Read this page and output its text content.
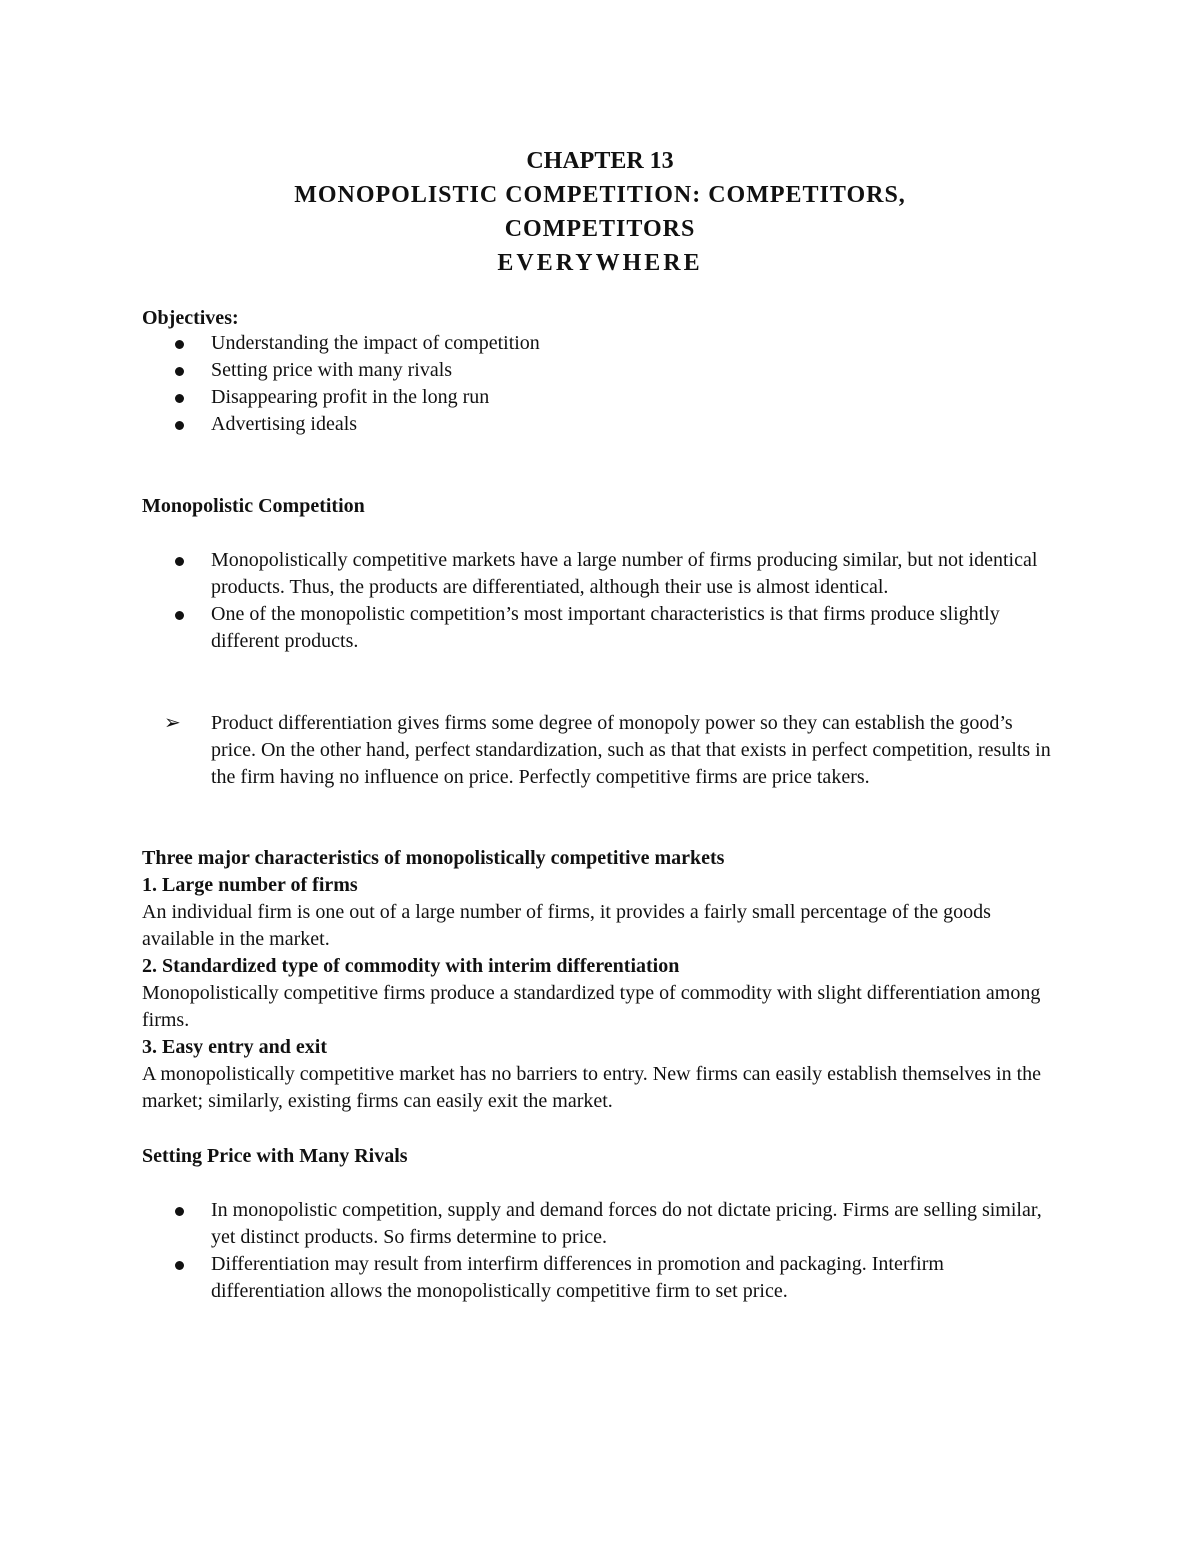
CHAPTER 13
MONOPOLISTIC COMPETITION: COMPETITORS,
COMPETITORS
EVERYWHERE
Objectives:
Understanding the impact of competition
Setting price with many rivals
Disappearing profit in the long run
Advertising ideals
Monopolistic Competition
Monopolistically competitive markets have a large number of firms producing similar, but not identical products. Thus, the products are differentiated, although their use is almost identical.
One of the monopolistic competition’s most important characteristics is that firms produce slightly different products.
➢ Product differentiation gives firms some degree of monopoly power so they can establish the good’s price. On the other hand, perfect standardization, such as that that exists in perfect competition, results in the firm having no influence on price. Perfectly competitive firms are price takers.
Three major characteristics of monopolistically competitive markets
1. Large number of firms
An individual firm is one out of a large number of firms, it provides a fairly small percentage of the goods available in the market.
2. Standardized type of commodity with interim differentiation
Monopolistically competitive firms produce a standardized type of commodity with slight differentiation among firms.
3. Easy entry and exit
A monopolistically competitive market has no barriers to entry. New firms can easily establish themselves in the market; similarly, existing firms can easily exit the market.
Setting Price with Many Rivals
In monopolistic competition, supply and demand forces do not dictate pricing. Firms are selling similar, yet distinct products. So firms determine to price.
Differentiation may result from interfirm differences in promotion and packaging. Interfirm differentiation allows the monopolistically competitive firm to set price.
